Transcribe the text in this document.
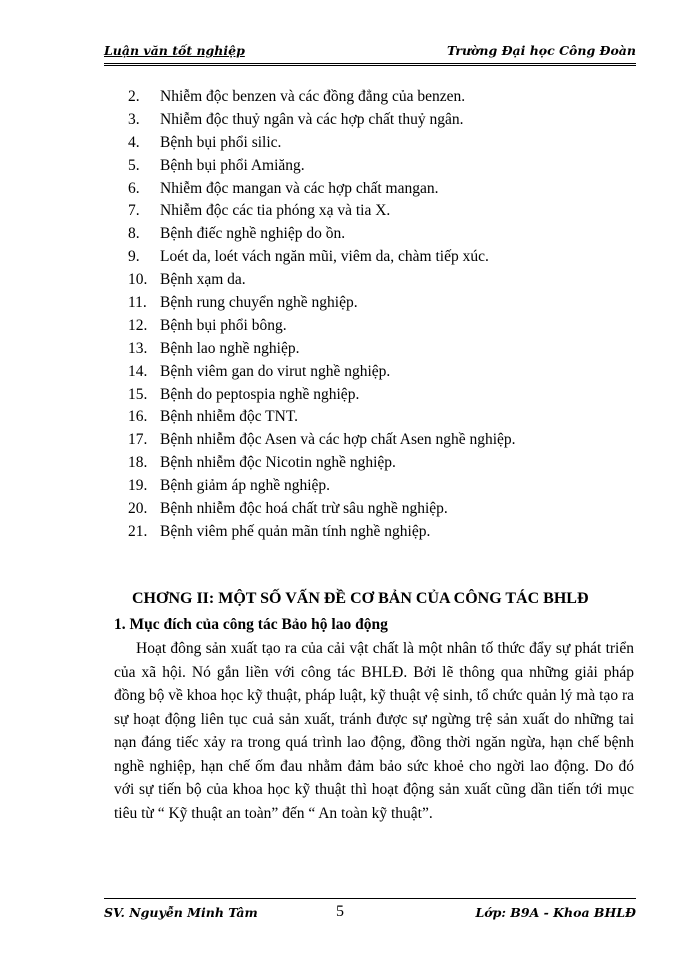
Luận văn tốt nghiệp	Trường Đại học Công Đoàn
2. Nhiễm độc benzen và các đồng đẳng của benzen.
3. Nhiễm độc thuỷ ngân và các hợp chất thuỷ ngân.
4. Bệnh bụi phổi silic.
5. Bệnh bụi phổi Amiăng.
6. Nhiễm độc mangan và các hợp chất mangan.
7. Nhiễm độc các tia phóng xạ và tia X.
8. Bệnh điếc nghề nghiệp do ồn.
9. Loét da, loét vách ngăn mũi, viêm da, chàm tiếp xúc.
10. Bệnh xạm da.
11. Bệnh rung chuyển nghề nghiệp.
12. Bệnh bụi phổi bông.
13. Bệnh lao nghề nghiệp.
14. Bệnh viêm gan do virut nghề nghiệp.
15. Bệnh do peptospia nghề nghiệp.
16. Bệnh nhiễm độc TNT.
17. Bệnh nhiễm độc Asen và các hợp chất Asen nghề nghiệp.
18. Bệnh nhiễm độc Nicotin nghề nghiệp.
19. Bệnh giảm áp nghề nghiệp.
20. Bệnh nhiễm độc hoá chất trừ sâu nghề nghiệp.
21. Bệnh viêm phế quản mãn tính nghề nghiệp.
CHƠNG II: MỘT SỐ VẤN ĐỀ CƠ BẢN CỦA CÔNG TÁC BHLĐ
1. Mục đích của công tác Bảo hộ lao động

Hoạt đông sản xuất tạo ra của cải vật chất là một nhân tố thức đẩy sự phát triển của xã hội. Nó gắn liền với công tác BHLĐ. Bởi lẽ thông qua những giải pháp đồng bộ về khoa học kỹ thuật, pháp luật, kỹ thuật vệ sinh, tổ chức quản lý mà tạo ra sự hoạt động liên tục cuả sản xuất, tránh được sự ngừng trệ sản xuất do những tai nạn đáng tiếc xảy ra trong quá trình lao động, đồng thời ngăn ngừa, hạn chế bệnh nghề nghiệp, hạn chế ốm đau nhằm đảm bảo sức khoẻ cho ngời lao động. Do đó với sự tiến bộ của khoa học kỹ thuật thì hoạt động sản xuất cũng dần tiến tới mục tiêu từ “ Kỹ thuật an toàn” đến “ An toàn kỹ thuật”.

SV. Nguyễn Minh Tâm	5	Lớp: B9A - Khoa BHLĐ
